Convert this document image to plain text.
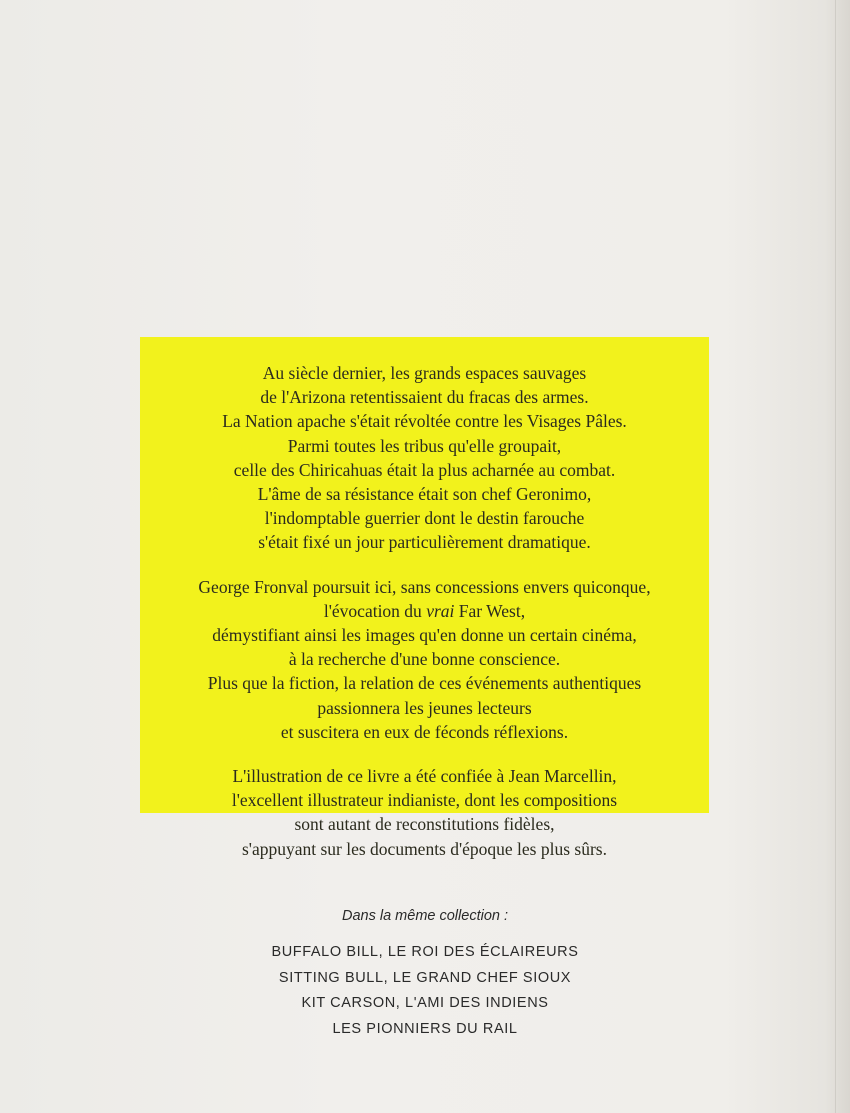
Au siècle dernier, les grands espaces sauvages
de l'Arizona retentissaient du fracas des armes.
La Nation apache s'était révoltée contre les Visages Pâles.
Parmi toutes les tribus qu'elle groupait,
celle des Chiricahuas était la plus acharnée au combat.
L'âme de sa résistance était son chef Geronimo,
l'indomptable guerrier dont le destin farouche
s'était fixé un jour particulièrement dramatique.
George Fronval poursuit ici, sans concessions envers quiconque,
l'évocation du vrai Far West,
démystifiant ainsi les images qu'en donne un certain cinéma,
à la recherche d'une bonne conscience.
Plus que la fiction, la relation de ces événements authentiques
passionnera les jeunes lecteurs
et suscitera en eux de féconds réflexions.
L'illustration de ce livre a été confiée à Jean Marcellin,
l'excellent illustrateur indianiste, dont les compositions
sont autant de reconstitutions fidèles,
s'appuyant sur les documents d'époque les plus sûrs.
Dans la même collection :
BUFFALO BILL, LE ROI DES ÉCLAIREURS
SITTING BULL, LE GRAND CHEF SIOUX
KIT CARSON, L'AMI DES INDIENS
LES PIONNIERS DU RAIL
